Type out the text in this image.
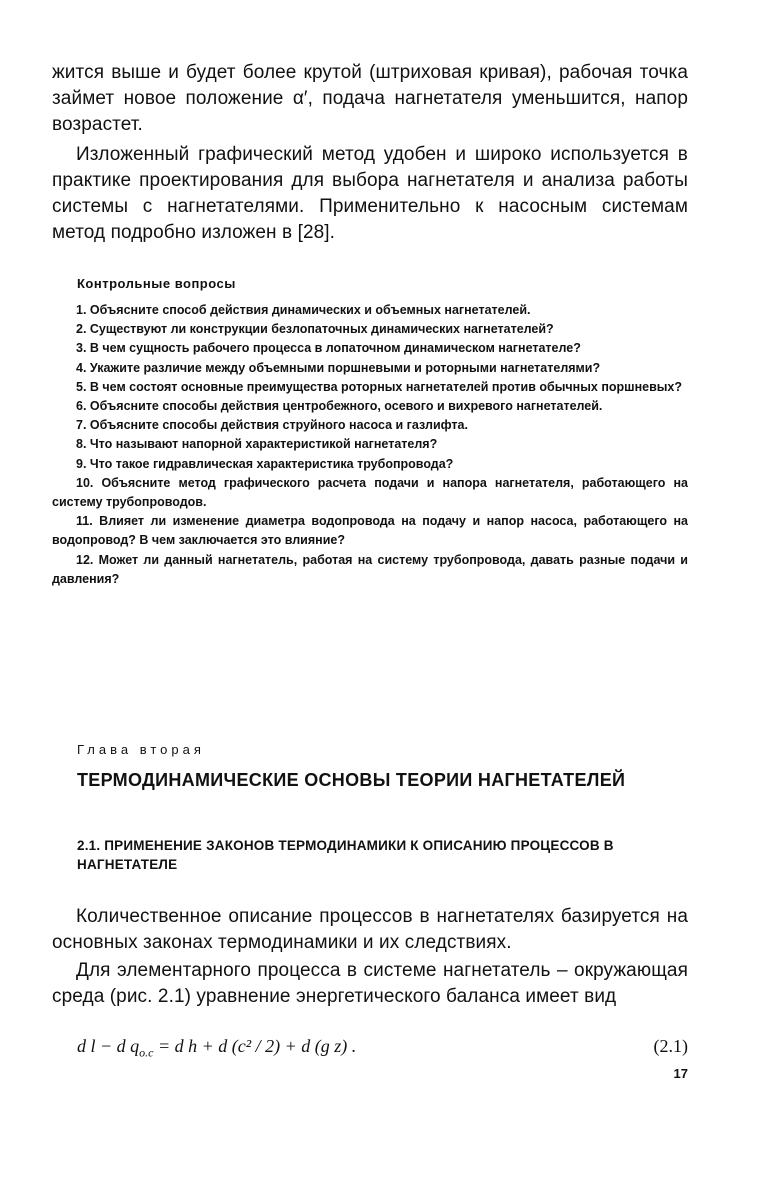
жится выше и будет более крутой (штриховая кривая), рабочая точка займет новое положение α′, подача нагнетателя уменьшится, напор возрастет.

Изложенный графический метод удобен и широко используется в практике проектирования для выбора нагнетателя и анализа работы системы с нагнетателями. Применительно к насосным системам метод подробно изложен в [28].

Контрольные вопросы
1. Объясните способ действия динамических и объемных нагнетателей.
2. Существуют ли конструкции безлопаточных динамических нагнетателей?
3. В чем сущность рабочего процесса в лопаточном динамическом нагнетателе?
4. Укажите различие между объемными поршневыми и роторными нагнетателями?
5. В чем состоят основные преимущества роторных нагнетателей против обычных поршневых?
6. Объясните способы действия центробежного, осевого и вихревого нагнетателей.
7. Объясните способы действия струйного насоса и газлифта.
8. Что называют напорной характеристикой нагнетателя?
9. Что такое гидравлическая характеристика трубопровода?
10. Объясните метод графического расчета подачи и напора нагнетателя, работающего на систему трубопроводов.
11. Влияет ли изменение диаметра водопровода на подачу и напор насоса, работающего на водопровод? В чем заключается это влияние?
12. Может ли данный нагнетатель, работая на систему трубопровода, давать разные подачи и давления?
Глава вторая
ТЕРМОДИНАМИЧЕСКИЕ ОСНОВЫ ТЕОРИИ НАГНЕТАТЕЛЕЙ
2.1. ПРИМЕНЕНИЕ ЗАКОНОВ ТЕРМОДИНАМИКИ К ОПИСАНИЮ ПРОЦЕССОВ В НАГНЕТАТЕЛЕ

Количественное описание процессов в нагнетателях базируется на основных законах термодинамики и их следствиях.

Для элементарного процесса в системе нагнетатель – окружающая среда (рис. 2.1) уравнение энергетического баланса имеет вид

d l − d $q_{о.с} = d$ h + d (c² / 2) + d (g z) .	(2.1)
17
